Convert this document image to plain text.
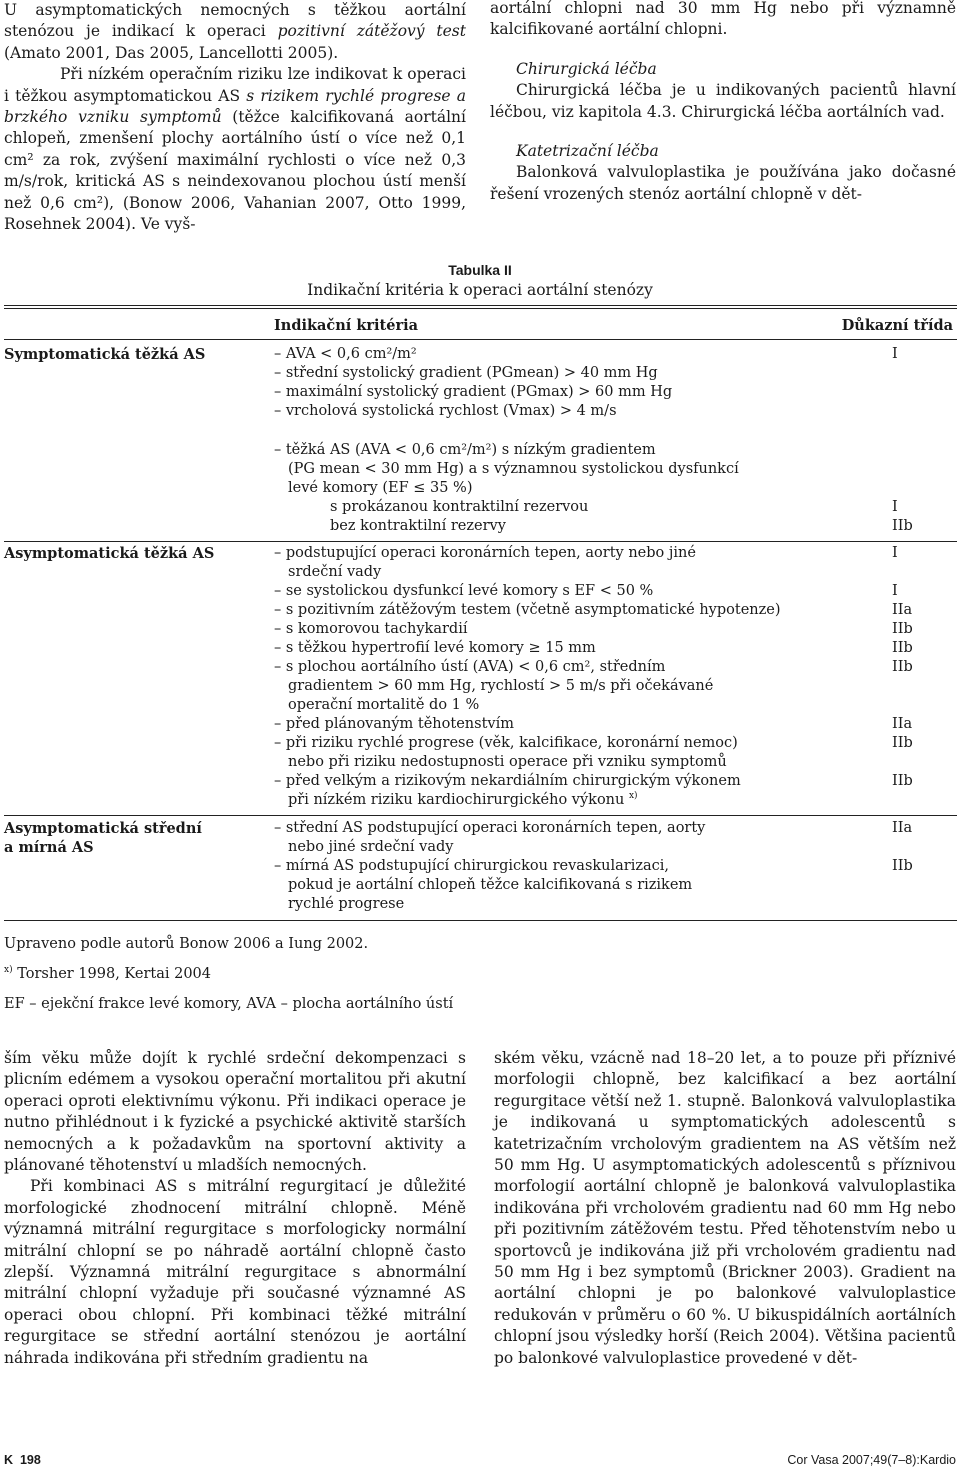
U asymptomatických nemocných s těžkou aortální stenózou je indikací k operaci pozitivní zátěžový test (Amato 2001, Das 2005, Lancellotti 2005).

Při nízkém operačním riziku lze indikovat k operaci i těžkou asymptomatickou AS s rizikem rychlé progrese a brzkého vzniku symptomů (těžce kalcifikovaná aortální chlopeň, zmenšení plochy aortálního ústí o více než 0,1 cm² za rok, zvýšení maximální rychlosti o více než 0,3 m/s/rok, kritická AS s neindexovanou plochou ústí menší než 0,6 cm²), (Bonow 2006, Vahanian 2007, Otto 1999, Rosehnek 2004). Ve vyš-

aortální chlopni nad 30 mm Hg nebo při významně kalcifikované aortální chlopni.

Chirurgická léčba

Chirurgická léčba je u indikovaných pacientů hlavní léčbou, viz kapitola 4.3. Chirurgická léčba aortálních vad.

Katetrizační léčba

Balonková valvuloplastika je používána jako dočasné řešení vrozených stenóz aortální chlopně v dět-

Tabulka II
Indikační kritéria k operaci aortální stenózy
Indikační kritéria	Důkazní třída
Symptomatická těžká AS	– AVA < 0,6 cm²/m²	I
– střední systolický gradient (PGmean) > 40 mm Hg
– maximální systolický gradient (PGmax) > 60 mm Hg
– vrcholová systolická rychlost (Vmax) > 4 m/s
– těžká AS (AVA < 0,6 cm²/m²) s nízkým gradientem
(PG mean < 30 mm Hg) a s významnou systolickou dysfunkcí
levé komory (EF ≤ 35 %)
s prokázanou kontraktilní rezervou	I
bez kontraktilní rezervy	IIb
Asymptomatická těžká AS	– podstupující operaci koronárních tepen, aorty nebo jiné	I
srdeční vady
– se systolickou dysfunkcí levé komory s EF < 50 %	I
– s pozitivním zátěžovým testem (včetně asymptomatické hypotenze)	IIa
– s komorovou tachykardií	IIb
– s těžkou hypertrofií levé komory ≥ 15 mm	IIb
– s plochou aortálního ústí (AVA) < 0,6 cm², středním	IIb
gradientem > 60 mm Hg, rychlostí > 5 m/s při očekávané
operační mortalitě do 1 %
– před plánovaným těhotenstvím	IIa
– při riziku rychlé progrese (věk, kalcifikace, koronární nemoc)	IIb
nebo při riziku nedostupnosti operace při vzniku symptomů
– před velkým a rizikovým nekardiálním chirurgickým výkonem	IIb
při nízkém riziku kardiochirurgického výkonu $^{x)}$
Asymptomatická střední
a mírná AS
– střední AS podstupující operaci koronárních tepen, aorty	IIa
nebo jiné srdeční vady
– mírná AS podstupující chirurgickou revaskularizaci,	IIb
pokud je aortální chlopeň těžce kalcifikovaná s rizikem
rychlé progrese
Upraveno podle autorů Bonow 2006 a Iung 2002.
$^{x)}$ Torsher 1998, Kertai 2004
EF – ejekční frakce levé komory, AVA – plocha aortálního ústí

ším věku může dojít k rychlé srdeční dekompenzaci s plicním edémem a vysokou operační mortalitou při akutní operaci oproti elektivnímu výkonu. Při indikaci operace je nutno přihlédnout i k fyzické a psychické aktivitě starších nemocných a k požadavkům na sportovní aktivity a plánované těhotenství u mladších nemocných.

Při kombinaci AS s mitrální regurgitací je důležité morfologické zhodnocení mitrální chlopně. Méně významná mitrální regurgitace s morfologicky normální mitrální chlopní se po náhradě aortální chlopně často zlepší. Významná mitrální regurgitace s abnormální mitrální chlopní vyžaduje při současné významné AS operaci obou chlopní. Při kombinaci těžké mitrální regurgitace se střední aortální stenózou je aortální náhrada indikována při středním gradientu na

ském věku, vzácně nad 18–20 let, a to pouze při příznivé morfologii chlopně, bez kalcifikací a bez aortální regurgitace větší než 1. stupně. Balonková valvuloplastika je indikovaná u symptomatických adolescentů s katetrizačním vrcholovým gradientem na AS větším než 50 mm Hg. U asymptomatických adolescentů s příznivou morfologií aortální chlopně je balonková valvuloplastika indikována při vrcholovém gradientu nad 60 mm Hg nebo při pozitivním zátěžovém testu. Před těhotenstvím nebo u sportovců je indikována již při vrcholovém gradientu nad 50 mm Hg i bez symptomů (Brickner 2003). Gradient na aortální chlopni je po balonkové valvuloplastice redukován v průměru o 60 %. U bikuspidálních aortálních chlopní jsou výsledky horší (Reich 2004). Většina pacientů po balonkové valvuloplastice provedené v dět-

K 198	Cor Vasa 2007;49(7–8):Kardio
